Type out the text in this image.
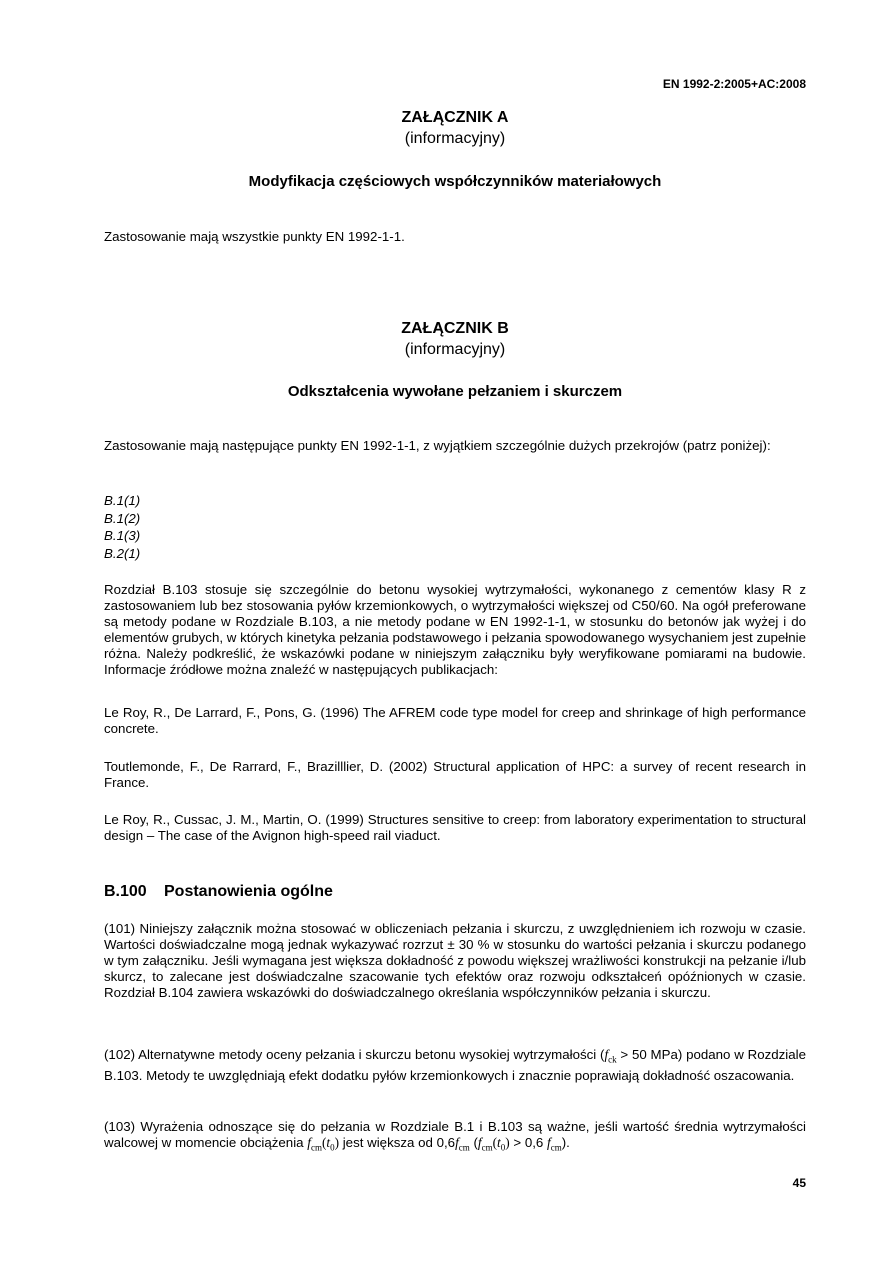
EN 1992-2:2005+AC:2008
ZAŁĄCZNIK A
(informacyjny)
Modyfikacja częściowych współczynników materiałowych

Zastosowanie mają wszystkie punkty EN 1992-1-1.

ZAŁĄCZNIK B
(informacyjny)
Odkształcenia wywołane pełzaniem i skurczem

Zastosowanie mają następujące punkty EN 1992-1-1, z wyjątkiem szczególnie dużych przekrojów (patrz poniżej):

B.1(1)
B.1(2)
B.1(3)
B.2(1)

Rozdział B.103 stosuje się szczególnie do betonu wysokiej wytrzymałości, wykonanego z cementów klasy R z zastosowaniem lub bez stosowania pyłów krzemionkowych, o wytrzymałości większej od C50/60. Na ogół preferowane są metody podane w Rozdziale B.103, a nie metody podane w EN 1992-1-1, w stosunku do betonów jak wyżej i do elementów grubych, w których kinetyka pełzania podstawowego i pełzania spowodowanego wysychaniem jest zupełnie różna. Należy podkreślić, że wskazówki podane w niniejszym załączniku były weryfikowane pomiarami na budowie. Informacje źródłowe można znaleźć w następujących publikacjach:

Le Roy, R., De Larrard, F., Pons, G. (1996) The AFREM code type model for creep and shrinkage of high performance concrete.

Toutlemonde, F., De Rarrard, F., Brazilllier, D. (2002) Structural application of HPC: a survey of recent research in France.

Le Roy, R., Cussac, J. M., Martin, O. (1999) Structures sensitive to creep: from laboratory experimentation to structural design – The case of the Avignon high-speed rail viaduct.

B.100 Postanowienia ogólne

(101) Niniejszy załącznik można stosować w obliczeniach pełzania i skurczu, z uwzględnieniem ich rozwoju w czasie. Wartości doświadczalne mogą jednak wykazywać rozrzut ± 30 % w stosunku do wartości pełzania i skurczu podanego w tym załączniku. Jeśli wymagana jest większa dokładność z powodu większej wrażliwości konstrukcji na pełzanie i/lub skurcz, to zalecane jest doświadczalne szacowanie tych efektów oraz rozwoju odkształceń opóźnionych w czasie. Rozdział B.104 zawiera wskazówki do doświadczalnego określania współczynników pełzania i skurczu.

(102) Alternatywne metody oceny pełzania i skurczu betonu wysokiej wytrzymałości ($f_{ck} > 50$ MPa) podano w Rozdziale B.103. Metody te uwzględniają efekt dodatku pyłów krzemionkowych i znacznie poprawiają dokładność oszacowania.

(103) Wyrażenia odnoszące się do pełzania w Rozdziale B.1 i B.103 są ważne, jeśli wartość średnia wytrzymałości walcowej w momencie obciążenia $f_{cm}(t_0)$ jest większa od $0,6f_{cm}$ ($f_{cm}(t_0) > 0,6$ $f_{cm}$).

45
